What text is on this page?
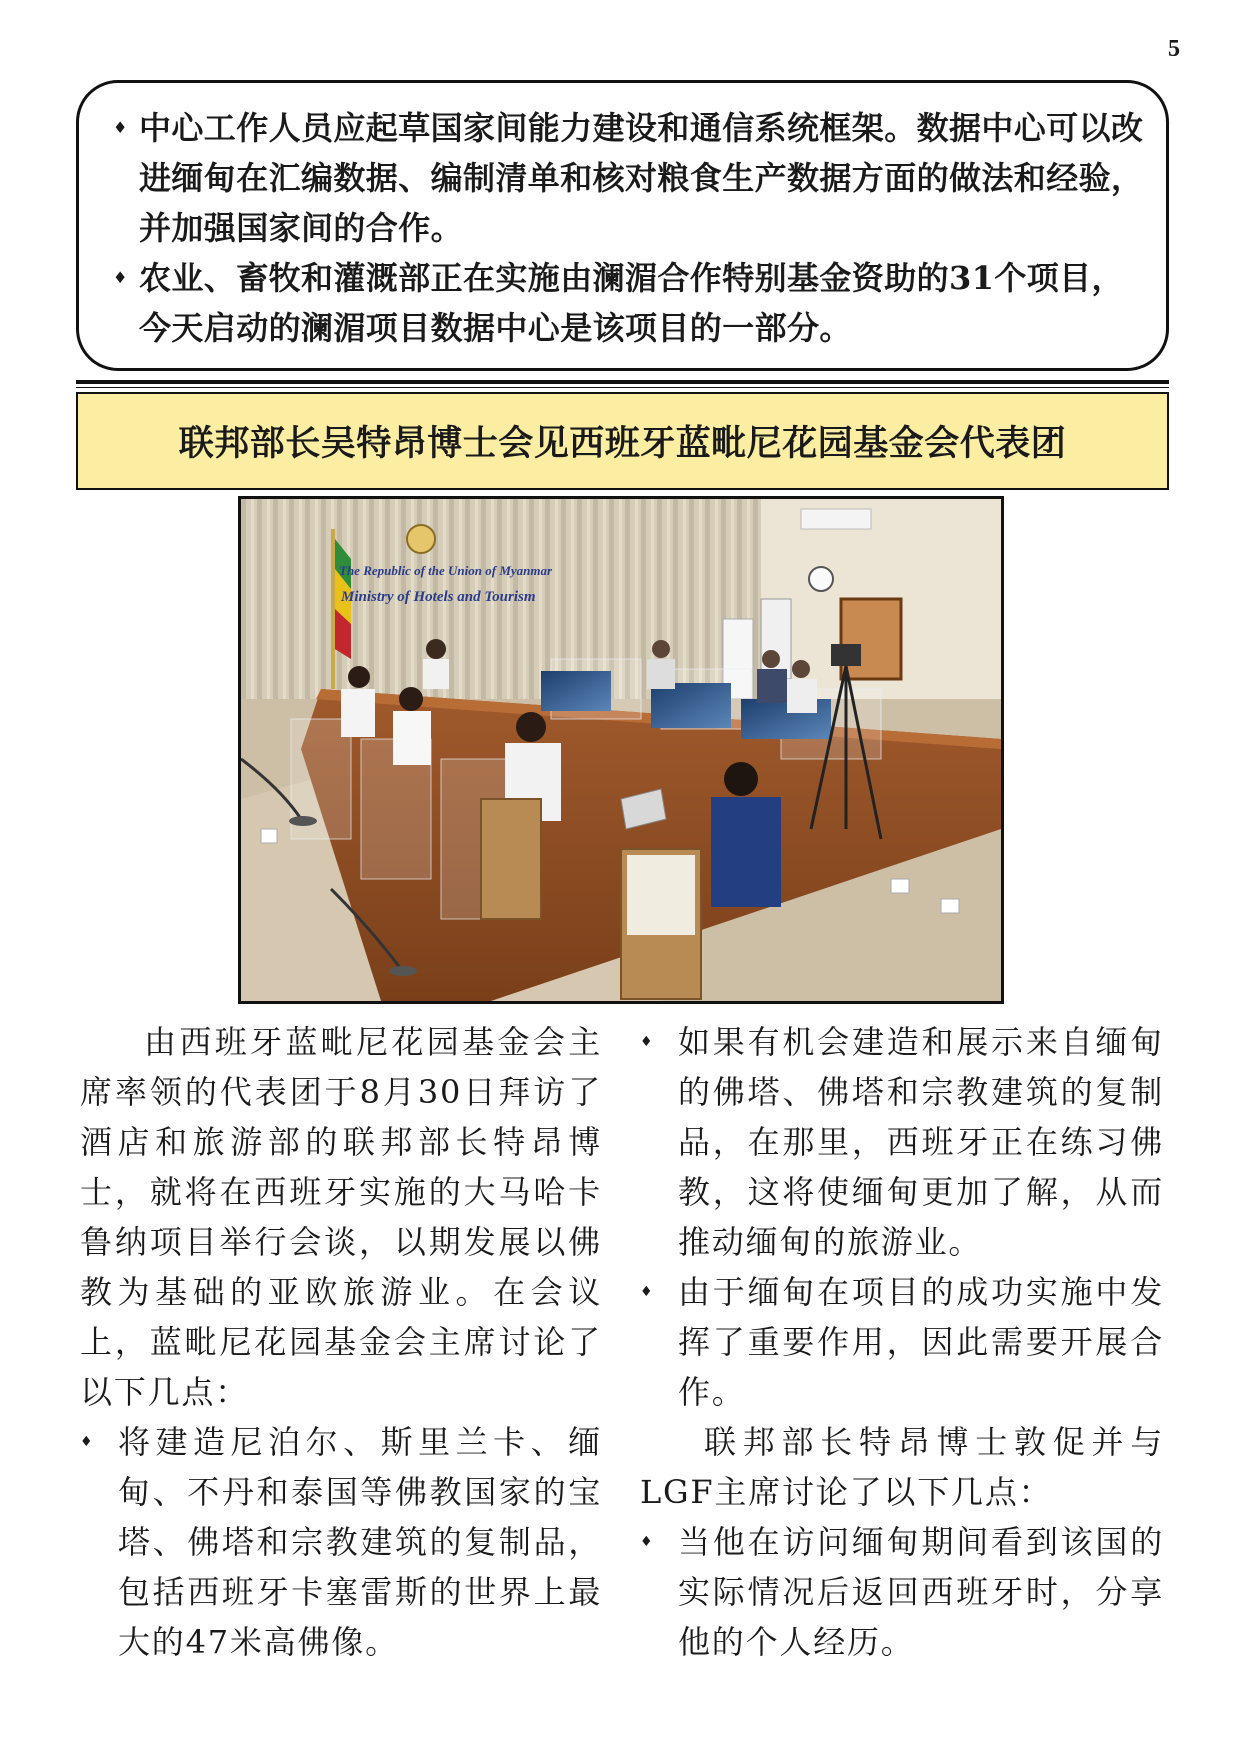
5
♦ 中心工作人员应起草国家间能力建设和通信系统框架。数据中心可以改进缅甸在汇编数据、编制清单和核对粮食生产数据方面的做法和经验，并加强国家间的合作。
♦ 农业、畜牧和灌溉部正在实施由澜湄合作特别基金资助的31个项目，今天启动的澜湄项目数据中心是该项目的一部分。
联邦部长吴特昂博士会见西班牙蓝毗尼花园基金会代表团
The Republic of the Union of Myanmar
Ministry of Hotels and Tourism

由西班牙蓝毗尼花园基金会主席率领的代表团于8月30日拜访了酒店和旅游部的联邦部长特昂博士，就将在西班牙实施的大马哈卡鲁纳项目举行会谈，以期发展以佛教为基础的亚欧旅游业。在会议上，蓝毗尼花园基金会主席讨论了以下几点：

♦ 将建造尼泊尔、斯里兰卡、缅甸、不丹和泰国等佛教国家的宝塔、佛塔和宗教建筑的复制品，包括西班牙卡塞雷斯的世界上最大的47米高佛像。
♦ 如果有机会建造和展示来自缅甸的佛塔、佛塔和宗教建筑的复制品，在那里，西班牙正在练习佛教，这将使缅甸更加了解，从而推动缅甸的旅游业。
♦ 由于缅甸在项目的成功实施中发挥了重要作用，因此需要开展合作。

联邦部长特昂博士敦促并与LGF主席讨论了以下几点：

♦ 当他在访问缅甸期间看到该国的实际情况后返回西班牙时，分享他的个人经历。
